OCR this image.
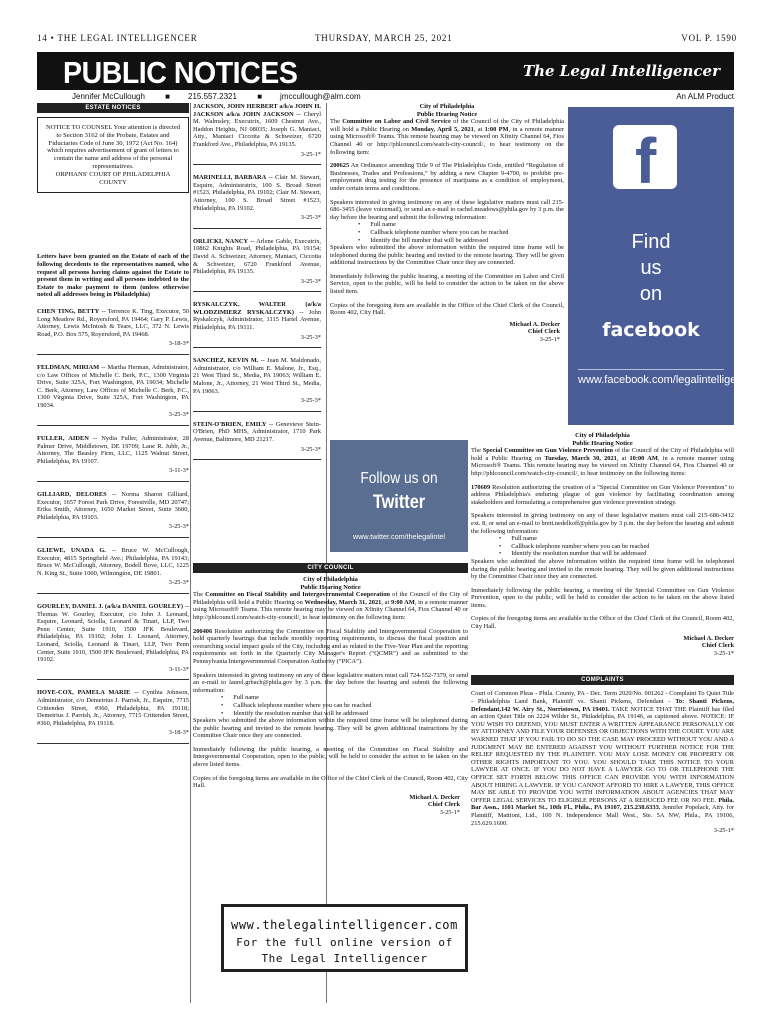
14 • THE LEGAL INTELLIGENCER	THURSDAY, MARCH 25, 2021	VOL P. 1590
PUBLIC NOTICES	The Legal Intelligencer
Jennifer McCullough	■ 215.557.2321	■ jmccullough@alm.com	An ALM Product
ESTATE NOTICES
NOTICE TO COUNSEL Your attention is directed to Section 3162 of the Probate, Estates and Fiduciaries Code of June 30, 1972 (Act No. 164) which requires advertisement of grant of letters to contain the name and address of the personal representatives.
ORPHANS' COURT OF PHILADELPHIA COUNTY
Letters have been granted on the Estate of each of the following decedents to the representatives named, who request all persons having claims against the Estate to present them in writing and all persons indebted to the Estate to make payment to them (unless otherwise noted all addresses being in Philadelphia)

CHEN TING, BETTY -- Terrence K. Ting, Executor, 50 Long Meadow Rd., Royersford, PA 19464; Gary P. Lewis, Attorney, Lewis McIntosh & Teare, LLC, 372 N. Lewis Road, P.O. Box 575, Royersford, PA 19468.

3-18-3*

FELDMAN, MIRIAM -- Martha Herman, Administrator, c/o Law Offices of Michelle C. Berk, P.C., 1300 Virginia Drive, Suite 325A, Fort Washington, PA 19034; Michelle C. Berk, Attorney, Law Offices of Michelle C. Berk, P.C., 1300 Virginia Drive, Suite 325A, Fort Washington, PA 19034.

3-25-3*

FULLER, AIDEN -- Nydia Fuller, Administrator, 28 Palmer Drive, Middletown, DE 19709; Lane R. Jubb, Jr., Attorney, The Beasley Firm, LLC, 1125 Walnut Street, Philadelphia, PA 19107.

3-11-3*

GILLIARD, DELORES -- Norma Sharon Gilliard, Executor, 1657 Forest Park Drive, Forestville, MD 20747; Erika Smith, Attorney, 1650 Market Street, Suite 3600, Philadelphia, PA 19103.

3-25-3*

GLIEWE, UNADA G. -- Bruce W. McCullough, Executor, 4815 Springfield Ave.; Philadelphia, PA 19143; Bruce W. McCullough, Attorney, Bodell Bove, LLC, 1225 N. King St., Suite 1000, Wilmington, DE 19801.

3-25-3*

GOURLEY, DANIEL J. (a/k/a DANIEL GOURLEY) -- Thomas W. Gourley, Executor, c/o John J. Leonard, Esquire, Leonard, Sciolla, Leonard & Tinari, LLP, Two Penn Center, Suite 1910, 1500 JFK Boulevard, Philadelphia, PA 19102; John J. Leonard, Attorney, Leonard, Sciolla, Leonard & Tinari, LLP, Two Penn Center, Suite 1910, 1500 JFK Boulevard, Philadelphia, PA 19102.

3-11-3*

HOYE-COX, PAMELA MARIE -- Cynthia Johnson, Administrator, c/o Demetrius J. Parrish, Jr., Esquire, 7715 Crittenden Street, #360, Philadelphia, PA 19118; Demetrius J. Parrish, Jr., Attorney, 7715 Crittenden Street, #360, Philadelphia, PA 19118.

3-18-3*

JACKSON, JOHN HERBERT a/k/a JOHN H. JACKSON a/k/a JOHN JACKSON -- Cheryl M. Walmsley, Executrix, 1609 Chestnut Ave., Haddon Heights, NJ 08035; Joseph G. Maniaci, Atty., Maniaci Ciccotta & Schweizer, 6720 Frankford Ave., Philadelphia, PA 19135.

3-25-1*

MARINELLI, BARBARA -- Clair M. Stewart, Esquire, Administratrix, 100 S. Broad Street #1523, Philadelphia, PA 19102; Clair M. Stewart, Attorney, 100 S. Broad Street #1523, Philadelphia, PA 19102.

3-25-3*

ORLICKI, NANCY -- Arlene Gable, Executrix, 10862 Knights Road, Philadelphia, PA 19154; David A. Schweizer, Attorney, Maniaci, Ciccotta & Schweizer, 6720 Frankford Avenue, Philadelphia, PA 19135.

3-25-3*

RYSKALCZYK, WALTER (a/k/a WLODZIMIERZ RYSKALCZYK) -- John Ryskalczyk, Administrator, 1115 Hartel Avenue, Philadelphia, PA 19111.

3-25-3*

SANCHEZ, KEVIN M. -- Juan M. Maldonado, Administrator, c/o William E. Malone, Jr., Esq., 21 West Third St., Media, PA 19063; William E. Malone, Jr., Attorney, 21 West Third St., Media, PA 19063.

3-25-3*

STEIN-O'BRIEN, EMILY -- Genevieve Stein-O'Brien, PhD MHS, Administrator, 1710 Park Avenue, Baltimore, MD 21217.

3-25-3*
City of Philadelphia
Public Hearing Notice

The Committee on Labor and Civil Service of the Council of the City of Philadelphia will hold a Public Hearing on Monday, April 5, 2021, at 1:00 PM, in a remote manner using Microsoft® Teams. This remote hearing may be viewed on Xfinity Channel 64, Fios Channel 40 or http://phlcouncil.com/watch-city-council/, to hear testimony on the following item:

200625 An Ordinance amending Title 9 of The Philadelphia Code, entitled “Regulation of Businesses, Trades and Professions,” by adding a new Chapter 9-4700, to prohibit pre-employment drug testing for the presence of marijuana as a condition of employment, under certain terms and conditions.

Speakers interested in giving testimony on any of these legislative matters must call 215-686-3455 (leave voicemail), or send an e-mail to rachel.meadows@phila.gov by 3 p.m. the day before the hearing and submit the following information:

• Full name
• Callback telephone number where you can be reached
• Identify the bill number that will be addressed

Speakers who submitted the above information within the required time frame will be telephoned during the public hearing and invited to the remote hearing. They will be given additional instructions by the Committee Chair once they are connected.

Immediately following the public hearing, a meeting of the Committee on Labor and Civil Service, open to the public, will be held to consider the action to be taken on the above listed item.

Copies of the foregoing item are available in the Office of the Chief Clerk of the Council, Room 402, City Hall.

Michael A. Decker
Chief Clerk
3-25-1*
f
Find
us
on
facebook
www.facebook.com/legalintelligencer
Follow us on
Twitter
www.twitter.com/thelegalintel
CITY COUNCIL
City of Philadelphia
Public Hearing Notice

The Committee on Fiscal Stability and Intergovernmental Cooperation of the Council of the City of Philadelphia will hold a Public Hearing on Wednesday, March 31, 2021, at 9:00 AM, in a remote manner using Microsoft® Teams. This remote hearing may be viewed on Xfinity Channel 64, Fios Channel 40 or http://phlcouncil.com/watch-city-council/, to hear testimony on the following item:

200406 Resolution authorizing the Committee on Fiscal Stability and Intergovernmental Cooperation to hold quarterly hearings that include monthly reporting requirements, to discuss the fiscal position and overarching social impact goals of the City, including and as related to the Five-Year Plan and the reporting requirements set forth in the Quarterly City Manager's Report (“QCMR”) and as submitted to the Pennsylvania Intergovernmental Cooperation Authority (“PICA”).

Speakers interested in giving testimony on any of these legislative matters must call 724-552-7379, or send an e-mail to laurel.grbach@phila.gov by 3 p.m. the day before the hearing and submit the following information:

• Full name
• Callback telephone number where you can be reached
• Identify the resolution number that will be addressed

Speakers who submitted the above information within the required time frame will be telephoned during the public hearing and invited to the remote hearing. They will be given additional instructions by the Committee Chair once they are connected.

Immediately following the public hearing, a meeting of the Committee on Fiscal Stability and Intergovernmental Cooperation, open to the public, will be held to consider the action to be taken on the above listed items.

Copies of the foregoing items are available in the Office of the Chief Clerk of the Council, Room 402, City Hall.

Michael A. Decker
Chief Clerk
3-25-1*
www.thelegalintelligencer.com
For the full online version of
The Legal Intelligencer
City of Philadelphia
Public Hearing Notice

The Special Committee on Gun Violence Prevention of the Council of the City of Philadelphia will hold a Public Hearing on Tuesday, March 30, 2021, at 10:00 AM, in a remote manner using Microsoft® Teams. This remote hearing may be viewed on Xfinity Channel 64, Fios Channel 40 or http://phlcouncil.com/watch-city-council/, to hear testimony on the following items:

170609 Resolution authorizing the creation of a "Special Committee on Gun Violence Prevention" to address Philadelphia's enduring plague of gun violence by facilitating coordination among stakeholders and formulating a comprehensive gun violence prevention strategy.

Speakers interested in giving testimony on any of these legislative matters must call 215-686-3412 ext. 8, or send an e-mail to brett.nedelkoff@phila.gov by 3 p.m. the day before the hearing and submit the following information:

• Full name
• Callback telephone number where you can be reached
• Identify the resolution number that will be addressed

Speakers who submitted the above information within the required time frame will be telephoned during the public hearing and invited to the remote hearing. They will be given additional instructions by the Committee Chair once they are connected.

Immediately following the public hearing, a meeting of the Special Committee on Gun Violence Prevention, open to the public, will be held to consider the action to be taken on the above listed items.

Copies of the foregoing items are available in the Office of the Chief Clerk of the Council, Room 402, City Hall.

Michael A. Decker
Chief Clerk
3-25-1*
COMPLAINTS

Court of Common Pleas - Phila. County, PA - Dec. Term 2020/No. 001262 - Complaint To Quiet Title - Philadelphia Land Bank, Plaintiff vs. Shanti Pickens, Defendant - To: Shanti Pickens, Defendant,142 W. Airy St., Norristown, PA 19401. TAKE NOTICE THAT THE Plaintiff has filed an action Quiet Title on 2224 Wilder St., Philadelphia, PA 19146, as captioned above. NOTICE: IF YOU WISH TO DEFEND, YOU MUST ENTER A WRITTEN APPEARANCE PERSONALLY OR BY ATTORNEY AND FILE YOUR DEFENSES OR OBJECTIONS WITH THE COURT. YOU ARE WARNED THAT IF YOU FAIL TO DO SO THE CASE MAY PROCEED WITHOUT YOU AND A JUDGMENT MAY BE ENTERED AGAINST YOU WITHOUT FURTHER NOTICE FOR THE RELIEF REQUESTED BY THE PLAINTIFF. YOU MAY LOSE MONEY OR PROPERTY OR OTHER RIGHTS IMPORTANT TO YOU. YOU SHOULD TAKE THIS NOTICE TO YOUR LAWYER AT ONCE. IF YOU DO NOT HAVE A LAWYER GO TO OR TELEPHONE THE OFFICE SET FORTH BELOW. THIS OFFICE CAN PROVIDE YOU WITH INFORMATION ABOUT HIRING A LAWYER. IF YOU CANNOT AFFORD TO HIRE A LAWYER, THIS OFFICE MAY BE ABLE TO PROVIDE YOU WITH INFORMATION ABOUT AGENCIES THAT MAY OFFER LEGAL SERVICES TO ELIGIBLE PERSONS AT A REDUCED FEE OR NO FEE. Phila. Bar Assn., 1101 Market St., 10th Fl., Phila., PA 19107, 215.238.6333. Jennifer Popelack, Atty. for Plaintiff, Mattioni, Ltd., 100 N. Independence Mall West., Ste. 5A NW, Phila., PA 19106, 215.629.1600.

3-25-1*
